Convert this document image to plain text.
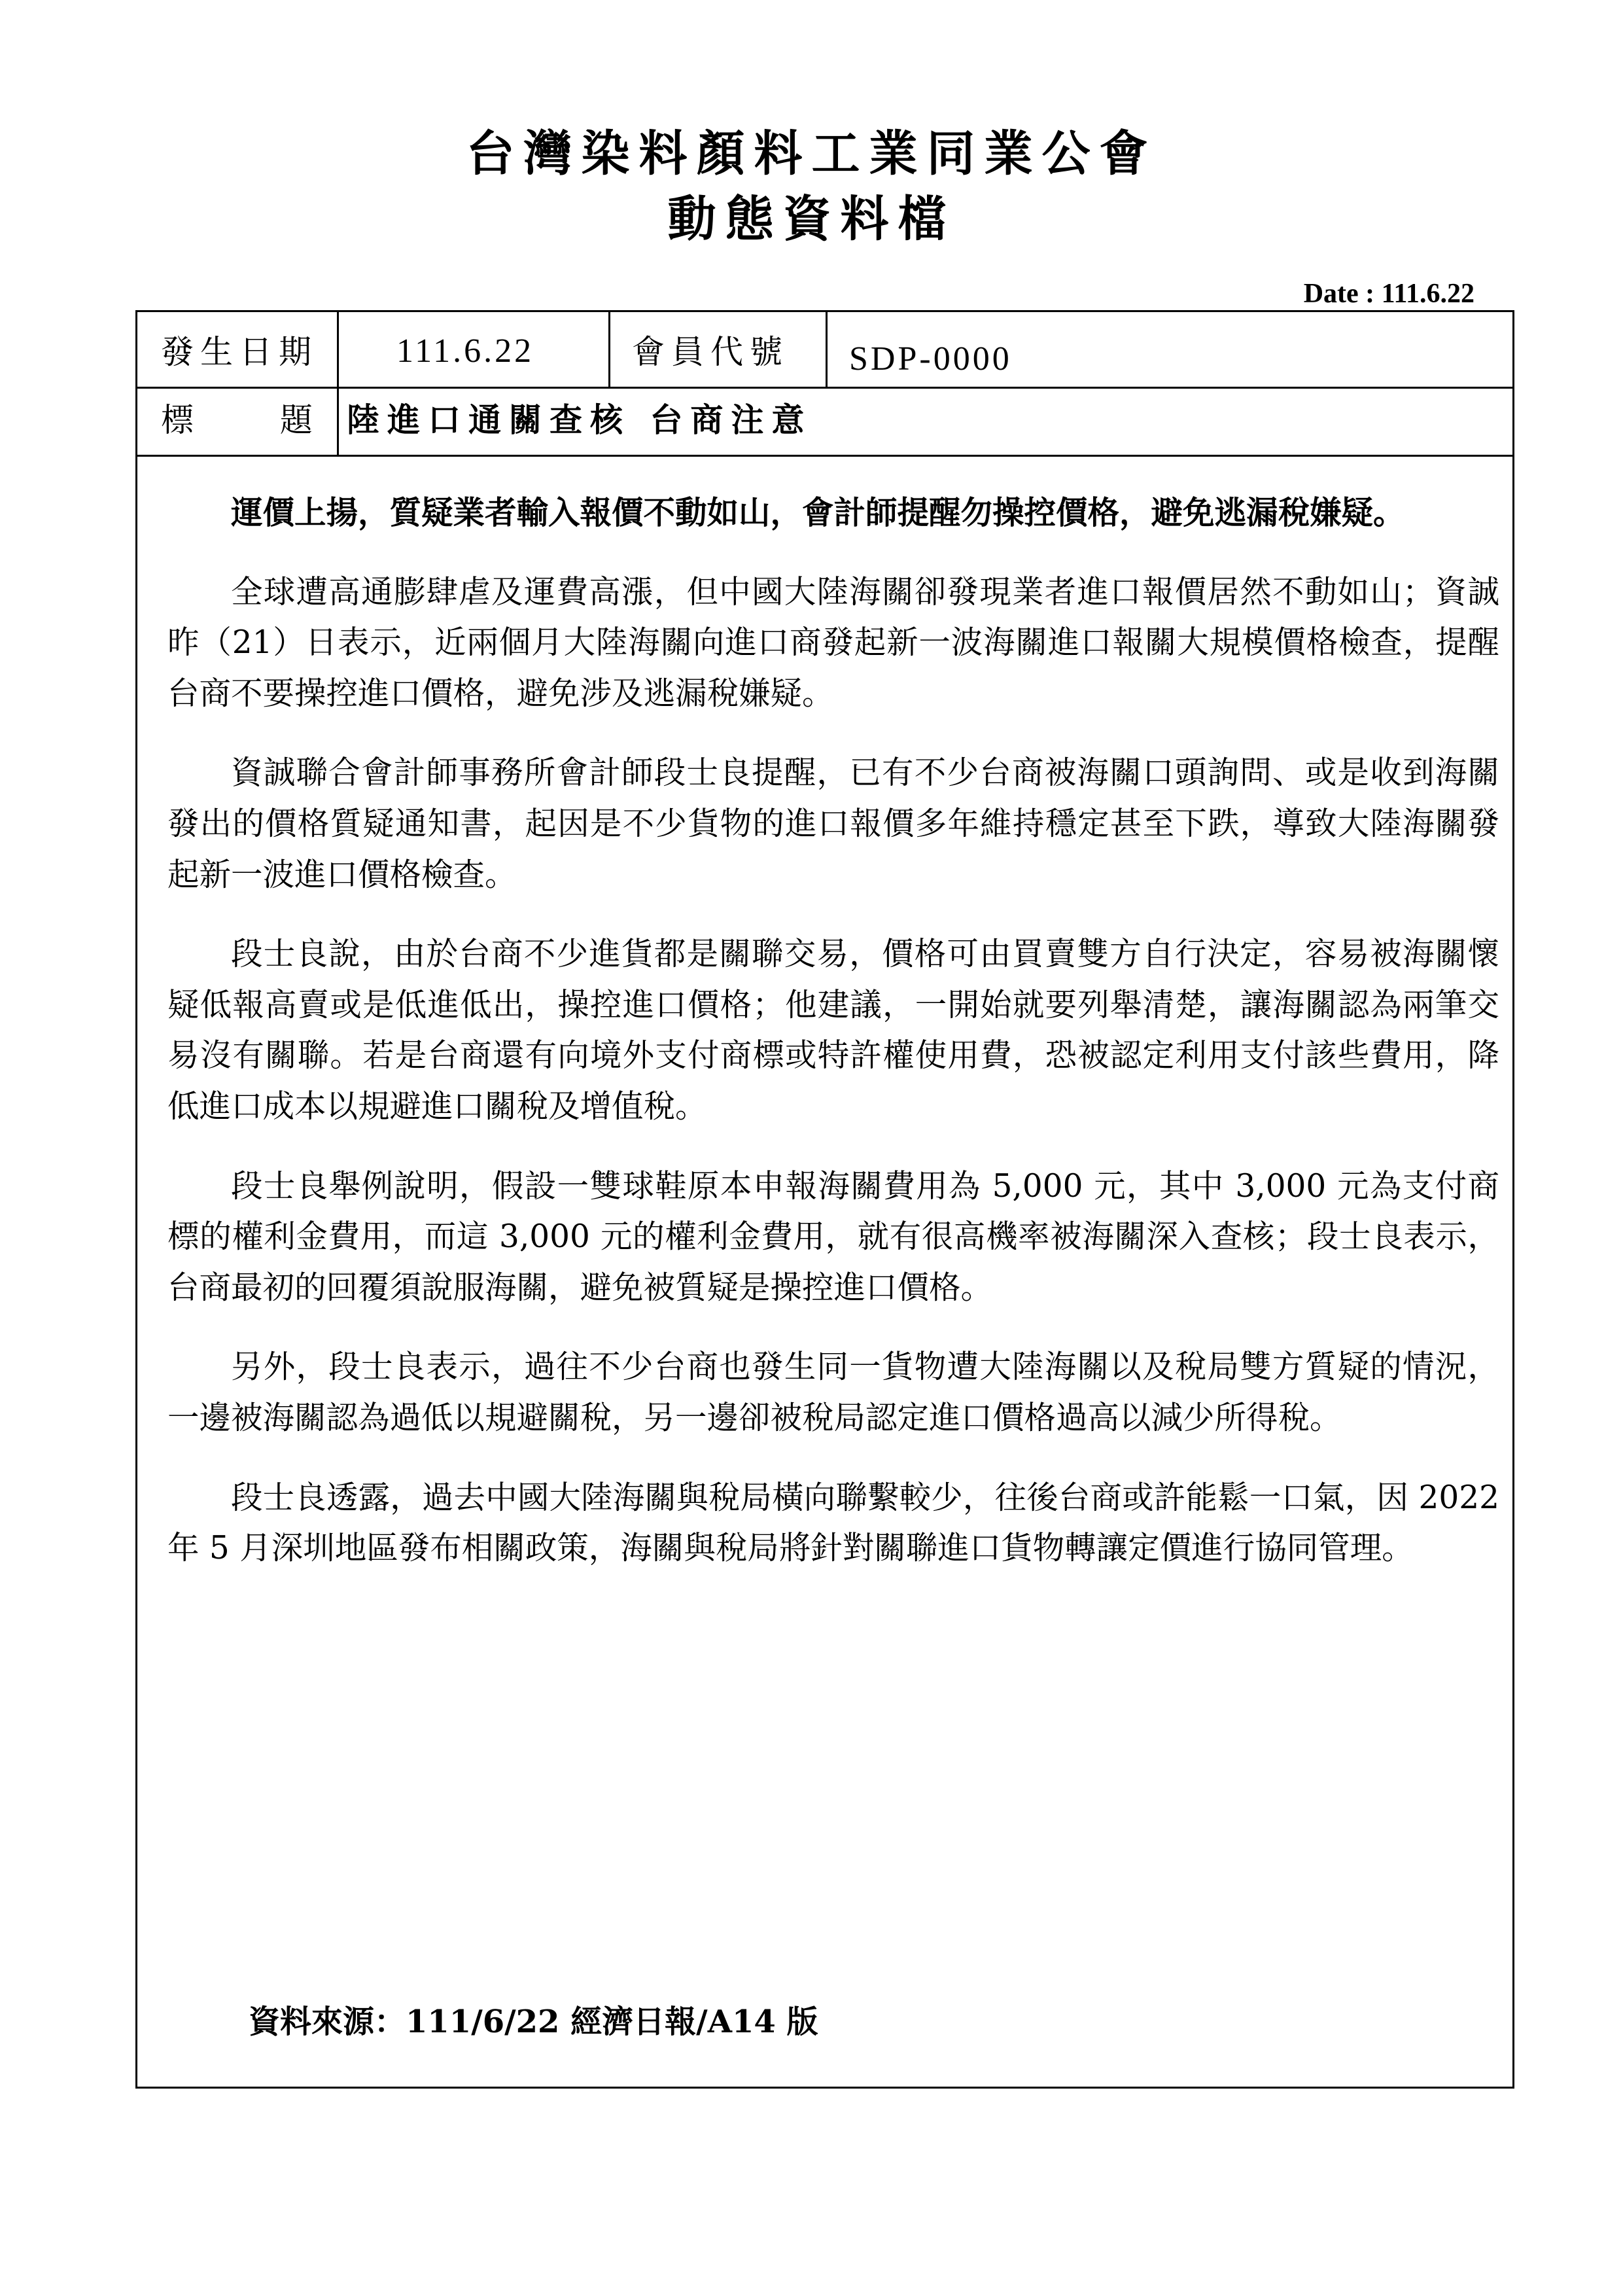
台灣染料顏料工業同業公會
動態資料檔
Date : 111.6.22
發生日期 111.6.22	會員代號 SDP-0000
標	題 陸進口通關查核 台商注意

運價上揚，質疑業者輸入報價不動如山，會計師提醒勿操控價格，避免逃漏稅嫌疑。

全球遭高通膨肆虐及運費高漲，但中國大陸海關卻發現業者進口報價居然不動如山；資誠昨（21）日表示，近兩個月大陸海關向進口商發起新一波海關進口報關大規模價格檢查，提醒台商不要操控進口價格，避免涉及逃漏稅嫌疑。

資誠聯合會計師事務所會計師段士良提醒，已有不少台商被海關口頭詢問、或是收到海關發出的價格質疑通知書，起因是不少貨物的進口報價多年維持穩定甚至下跌，導致大陸海關發起新一波進口價格檢查。

段士良說，由於台商不少進貨都是關聯交易，價格可由買賣雙方自行決定，容易被海關懷疑低報高賣或是低進低出，操控進口價格；他建議，一開始就要列舉清楚，讓海關認為兩筆交易沒有關聯。若是台商還有向境外支付商標或特許權使用費，恐被認定利用支付該些費用，降低進口成本以規避進口關稅及增值稅。

段士良舉例說明，假設一雙球鞋原本申報海關費用為 5,000 元，其中 3,000 元為支付商標的權利金費用，而這 3,000 元的權利金費用，就有很高機率被海關深入查核；段士良表示，台商最初的回覆須說服海關，避免被質疑是操控進口價格。

另外，段士良表示，過往不少台商也發生同一貨物遭大陸海關以及稅局雙方質疑的情況，一邊被海關認為過低以規避關稅，另一邊卻被稅局認定進口價格過高以減少所得稅。

段士良透露，過去中國大陸海關與稅局橫向聯繫較少，往後台商或許能鬆一口氣，因 2022 年 5 月深圳地區發布相關政策，海關與稅局將針對關聯進口貨物轉讓定價進行協同管理。

資料來源：111/6/22 經濟日報/A14 版
